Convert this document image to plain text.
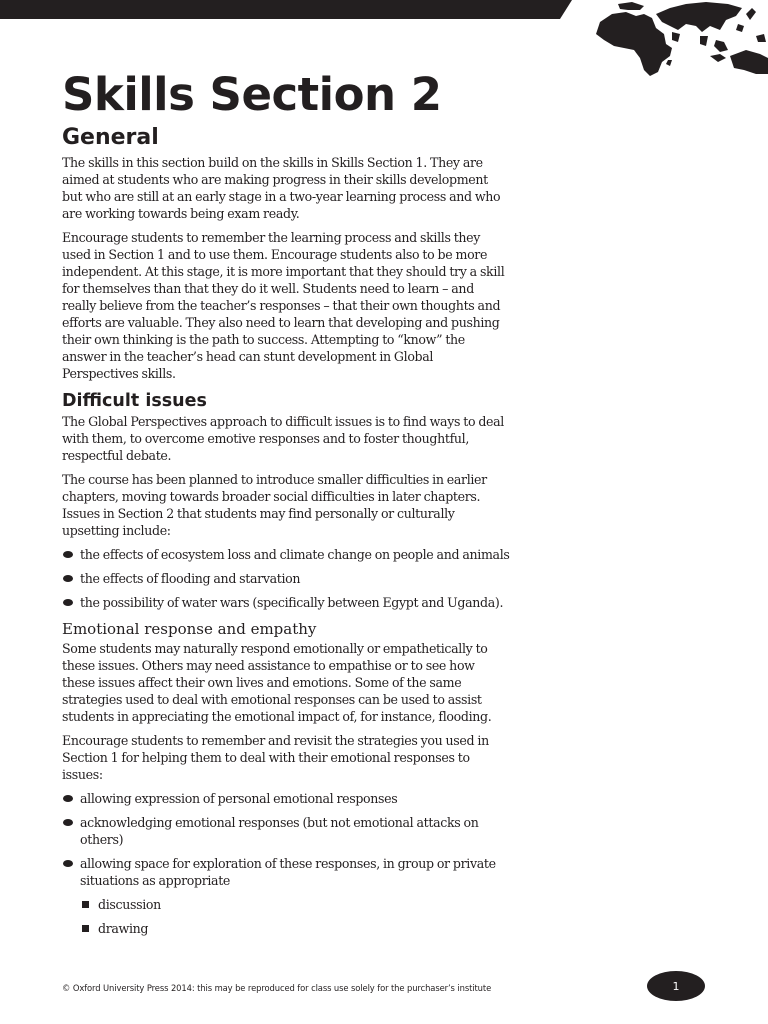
Skills Section 2
General

The skills in this section build on the skills in Skills Section 1. They are aimed at students who are making progress in their skills development but who are still at an early stage in a two-year learning process and who are working towards being exam ready.

Encourage students to remember the learning process and skills they used in Section 1 and to use them. Encourage students also to be more independent. At this stage, it is more important that they should try a skill for themselves than that they do it well. Students need to learn – and really believe from the teacher’s responses – that their own thoughts and efforts are valuable. They also need to learn that developing and pushing their own thinking is the path to success. Attempting to “know” the answer in the teacher’s head can stunt development in Global Perspectives skills.

Difficult issues

The Global Perspectives approach to difficult issues is to find ways to deal with them, to overcome emotive responses and to foster thoughtful, respectful debate.

The course has been planned to introduce smaller difficulties in earlier chapters, moving towards broader social difficulties in later chapters. Issues in Section 2 that students may find personally or culturally upsetting include:

the effects of ecosystem loss and climate change on people and animals
the effects of flooding and starvation
the possibility of water wars (specifically between Egypt and Uganda).
Emotional response and empathy

Some students may naturally respond emotionally or empathetically to these issues. Others may need assistance to empathise or to see how these issues affect their own lives and emotions. Some of the same strategies used to deal with emotional responses can be used to assist students in appreciating the emotional impact of, for instance, flooding.

Encourage students to remember and revisit the strategies you used in Section 1 for helping them to deal with their emotional responses to issues:

allowing expression of personal emotional responses
acknowledging emotional responses (but not emotional attacks on others)
allowing space for exploration of these responses, in group or private situations as appropriate
discussion
drawing
© Oxford University Press 2014: this may be reproduced for class use solely for the purchaser’s institute	1
